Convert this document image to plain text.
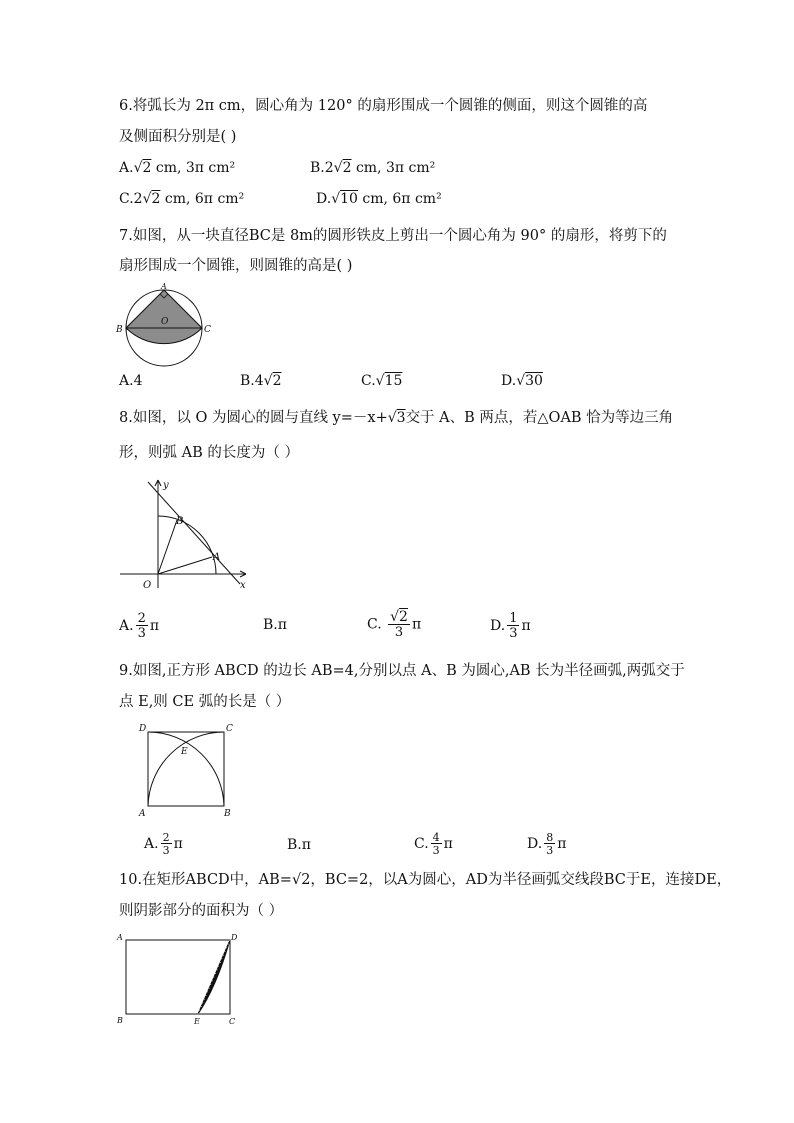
6.将弧长为 2π cm，圆心角为 120° 的扇形围成一个圆锥的侧面，则这个圆锥的高
及侧面积分别是( )
A.√2 cm, 3π cm²	B.2√2 cm, 3π cm²
C.2√2 cm, 6π cm²	D.√10 cm, 6π cm²
7.如图，从一块直径BC是 8m的圆形铁皮上剪出一个圆心角为 90° 的扇形，将剪下的
扇形围成一个圆锥，则圆锥的高是( )
A
B	C
O
A.4	B.4√2	C.√15	D.√30
8.如图，以 O 为圆心的圆与直线 y=－x+√3交于 A、B 两点，若△OAB 恰为等边三角
形，则弧 AB 的长度为（ ）
y
x
O
A
B
A. $\frac{2}{3}$ π	B.π	C. $\frac{√2}{3}$ π	D. $\frac{1}{3}$ π
9.如图,正方形 ABCD 的边长 AB=4,分别以点 A、B 为圆心,AB 长为半径画弧,两弧交于
点 E,则 CE 弧的长是（ ）
D	C
A	B
E
A. $\frac{2}{3}$ π	B.π	C. $\frac{4}{3}$ π	D. $\frac{8}{3}$ π
10.在矩形ABCD中，AB=√2，BC=2，以A为圆心，AD为半径画弧交线段BC于E，连接DE，
则阴影部分的面积为（ ）
A	D
B	E	C
